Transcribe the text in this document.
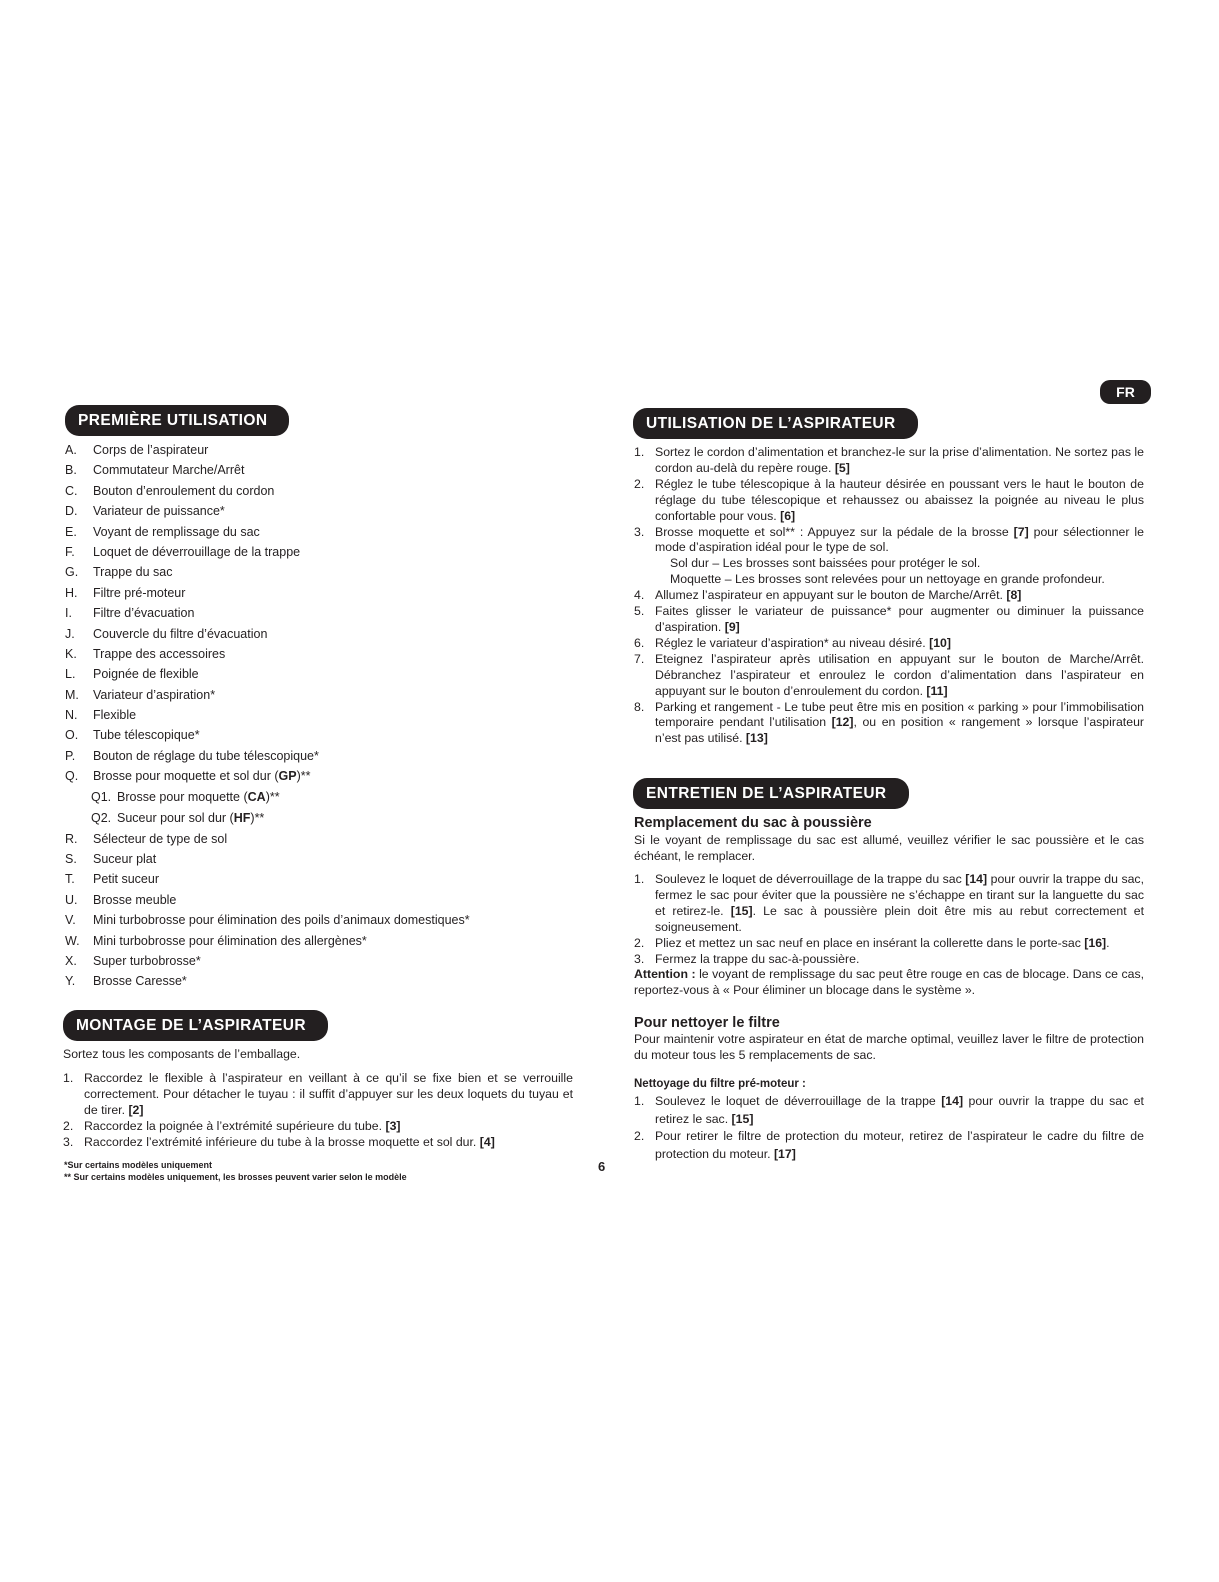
FR
PREMIÈRE UTILISATION
A. Corps de l’aspirateur
B. Commutateur Marche/Arrêt
C. Bouton d’enroulement du cordon
D. Variateur de puissance*
E. Voyant de remplissage du sac
F. Loquet de déverrouillage de la trappe
G. Trappe du sac
H. Filtre pré-moteur
I. Filtre d’évacuation
J. Couvercle du filtre d’évacuation
K. Trappe des accessoires
L. Poignée de flexible
M. Variateur d’aspiration*
N. Flexible
O. Tube télescopique*
P. Bouton de réglage du tube télescopique*
Q. Brosse pour moquette et sol dur (GP)**
Q1. Brosse pour moquette (CA)**
Q2. Suceur pour sol dur (HF)**
R. Sélecteur de type de sol
S. Suceur plat
T. Petit suceur
U. Brosse meuble
V. Mini turbobrosse pour élimination des poils d’animaux domestiques*
W. Mini turbobrosse pour élimination des allergènes*
X. Super turbobrosse*
Y. Brosse Caresse*
MONTAGE DE L’ASPIRATEUR
Sortez tous les composants de l’emballage.
1. Raccordez le flexible à l’aspirateur en veillant à ce qu’il se fixe bien et se verrouille correctement. Pour détacher le tuyau : il suffit d’appuyer sur les deux loquets du tuyau et de tirer. [2]
2. Raccordez la poignée à l’extrémité supérieure du tube. [3]
3. Raccordez l’extrémité inférieure du tube à la brosse moquette et sol dur. [4]
*Sur certains modèles uniquement
** Sur certains modèles uniquement, les brosses peuvent varier selon le modèle
6
UTILISATION DE L’ASPIRATEUR
1. Sortez le cordon d’alimentation et branchez-le sur la prise d’alimentation. Ne sortez pas le cordon au-delà du repère rouge. [5]
2. Réglez le tube télescopique à la hauteur désirée en poussant vers le haut le bouton de réglage du tube télescopique et rehaussez ou abaissez la poignée au niveau le plus confortable pour vous. [6]
3. Brosse moquette et sol** : Appuyez sur la pédale de la brosse [7] pour sélectionner le mode d’aspiration idéal pour le type de sol.
Sol dur – Les brosses sont baissées pour protéger le sol.
Moquette – Les brosses sont relevées pour un nettoyage en grande profondeur.
4. Allumez l’aspirateur en appuyant sur le bouton de Marche/Arrêt. [8]
5. Faites glisser le variateur de puissance* pour augmenter ou diminuer la puissance d’aspiration. [9]
6. Réglez le variateur d’aspiration* au niveau désiré. [10]
7. Eteignez l’aspirateur après utilisation en appuyant sur le bouton de Marche/Arrêt. Débranchez l’aspirateur et enroulez le cordon d’alimentation dans l’aspirateur en appuyant sur le bouton d’enroulement du cordon. [11]
8. Parking et rangement - Le tube peut être mis en position « parking » pour l’immobilisation temporaire pendant l’utilisation [12], ou en position « rangement » lorsque l’aspirateur n’est pas utilisé. [13]
ENTRETIEN DE L’ASPIRATEUR
Remplacement du sac à poussière
Si le voyant de remplissage du sac est allumé, veuillez vérifier le sac poussière et le cas échéant, le remplacer.
1. Soulevez le loquet de déverrouillage de la trappe du sac [14] pour ouvrir la trappe du sac, fermez le sac pour éviter que la poussière ne s’échappe en tirant sur la languette du sac et retirez-le. [15]. Le sac à poussière plein doit être mis au rebut correctement et soigneusement.
2. Pliez et mettez un sac neuf en place en insérant la collerette dans le porte-sac [16].
3. Fermez la trappe du sac-à-poussière.
Attention : le voyant de remplissage du sac peut être rouge en cas de blocage. Dans ce cas, reportez-vous à « Pour éliminer un blocage dans le système ».
Pour nettoyer le filtre
Pour maintenir votre aspirateur en état de marche optimal, veuillez laver le filtre de protection du moteur tous les 5 remplacements de sac.
Nettoyage du filtre pré-moteur :
1. Soulevez le loquet de déverrouillage de la trappe [14] pour ouvrir la trappe du sac et retirez le sac. [15]
2. Pour retirer le filtre de protection du moteur, retirez de l’aspirateur le cadre du filtre de protection du moteur. [17]
